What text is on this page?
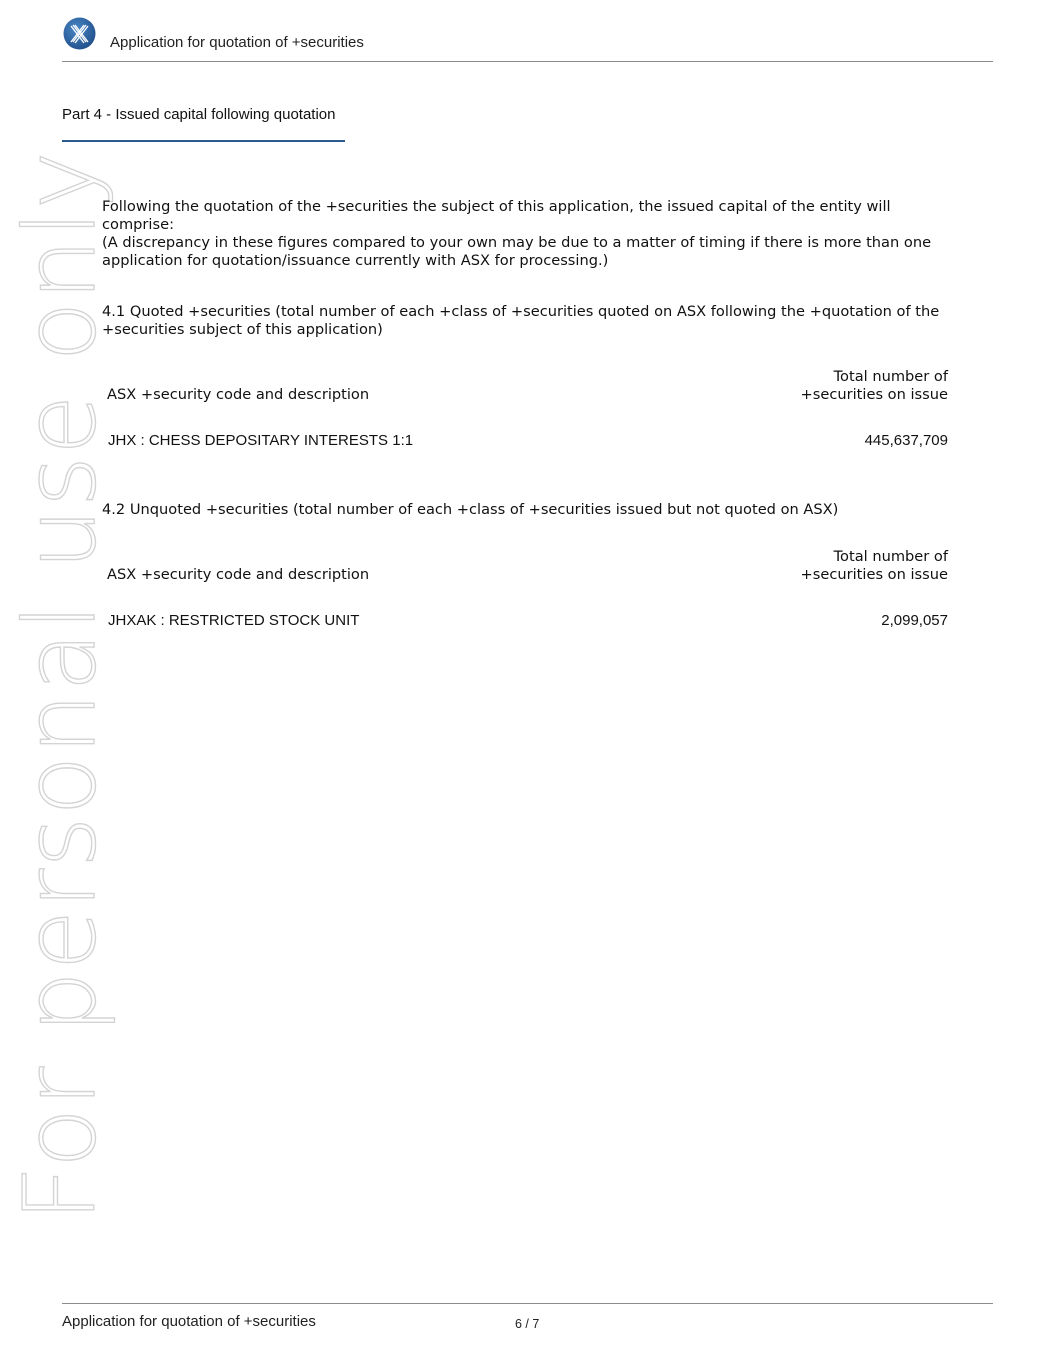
Application for quotation of +securities
Part 4 - Issued capital following quotation
For personal use only

Following the quotation of the +securities the subject of this application, the issued capital of the entity will comprise:

(A discrepancy in these figures compared to your own may be due to a matter of timing if there is more than one application for quotation/issuance currently with ASX for processing.)

4.1 Quoted +securities (total number of each +class of +securities quoted on ASX following the +quotation of the +securities subject of this application)
ASX +security code and description
Total number of
+securities on issue
JHX : CHESS DEPOSITARY INTERESTS 1:1	445,637,709
4.2 Unquoted +securities (total number of each +class of +securities issued but not quoted on ASX)
ASX +security code and description
Total number of
+securities on issue
JHXAK : RESTRICTED STOCK UNIT	2,099,057
Application for quotation of +securities	6 / 7
